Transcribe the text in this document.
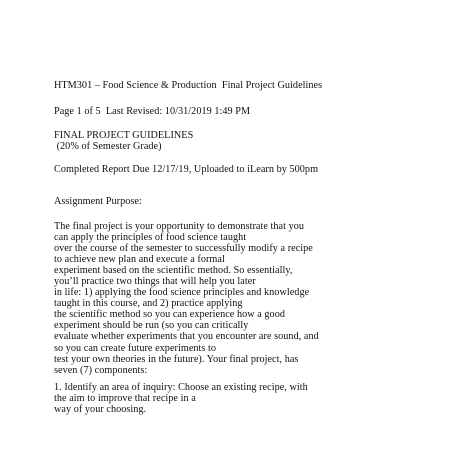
HTM301 – Food Science & Production  Final Project Guidelines
Page 1 of 5  Last Revised: 10/31/2019 1:49 PM
FINAL PROJECT GUIDELINES
(20% of Semester Grade)
Completed Report Due 12/17/19, Uploaded to iLearn by 500pm
Assignment Purpose:
The final project is your opportunity to demonstrate that you
can apply the principles of food science taught
over the course of the semester to successfully modify a recipe
to achieve new plan and execute a formal
experiment based on the scientific method. So essentially,
you’ll practice two things that will help you later
in life: 1) applying the food science principles and knowledge
taught in this course, and 2) practice applying
the scientific method so you can experience how a good
experiment should be run (so you can critically
evaluate whether experiments that you encounter are sound, and
so you can create future experiments to
test your own theories in the future). Your final project, has
seven (7) components:
1. Identify an area of inquiry: Choose an existing recipe, with
the aim to improve that recipe in a
way of your choosing.
